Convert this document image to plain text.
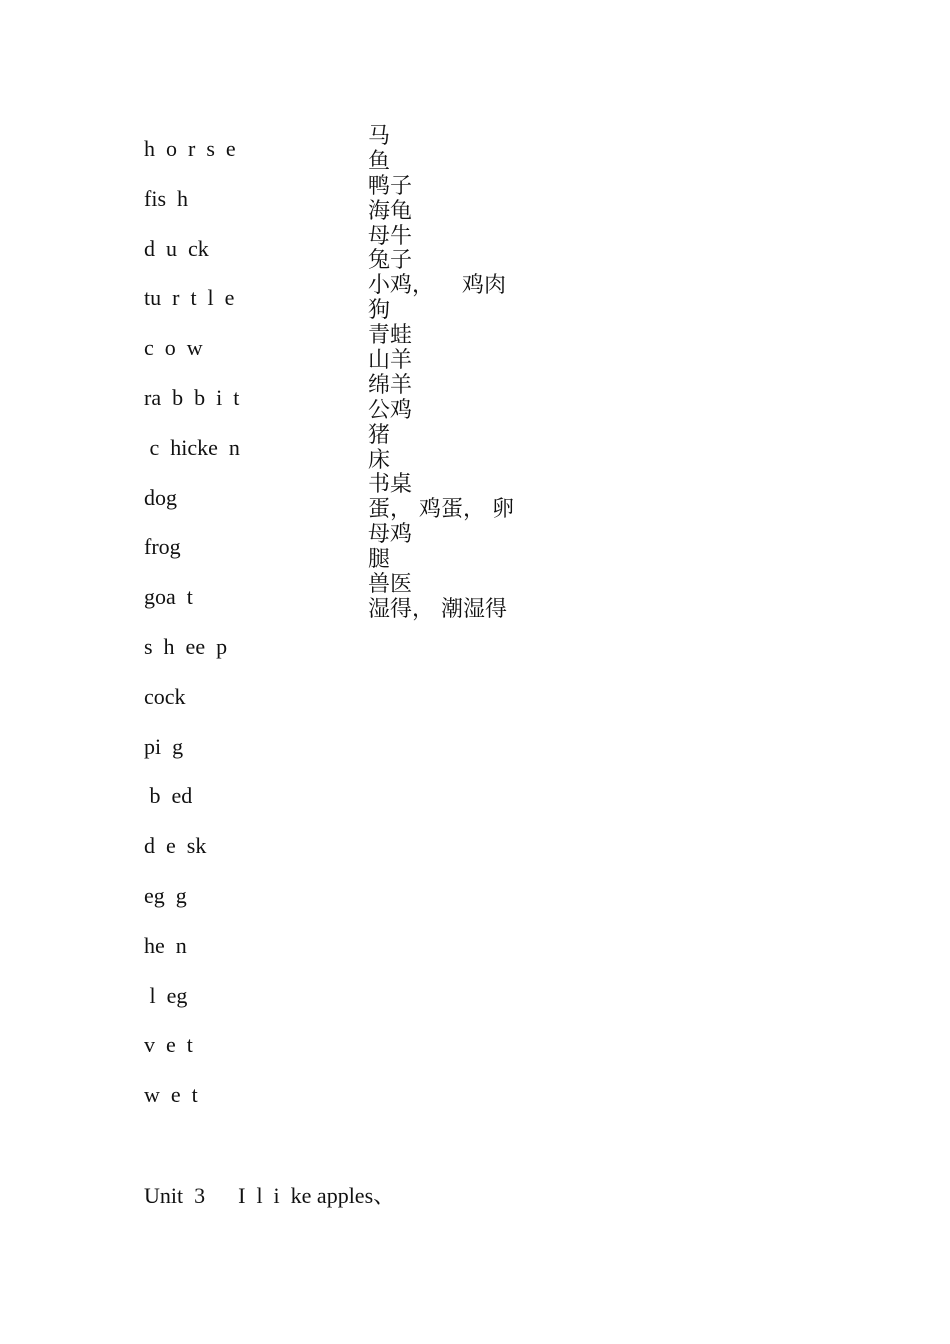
h  o  r  s  e
fis  h
d  u  ck
tu  r  t  l  e
c  o  w
ra  b  b  i  t
c  hicke  n
dog
frog
goa  t
s  h  ee  p
cock
pi  g
b  ed
d  e  sk
eg  g
he  n
l  eg
v  e  t
w  e  t
马
鱼
鸭子
海龟
母牛
兔子
小鸡，    鸡肉
狗
青蛙
山羊
绵羊
公鸡
猪
床
书桌
蛋， 鸡蛋， 卵
母鸡
腿
兽医
湿得， 潮湿得
Unit  3      I  l  i  ke apples、
